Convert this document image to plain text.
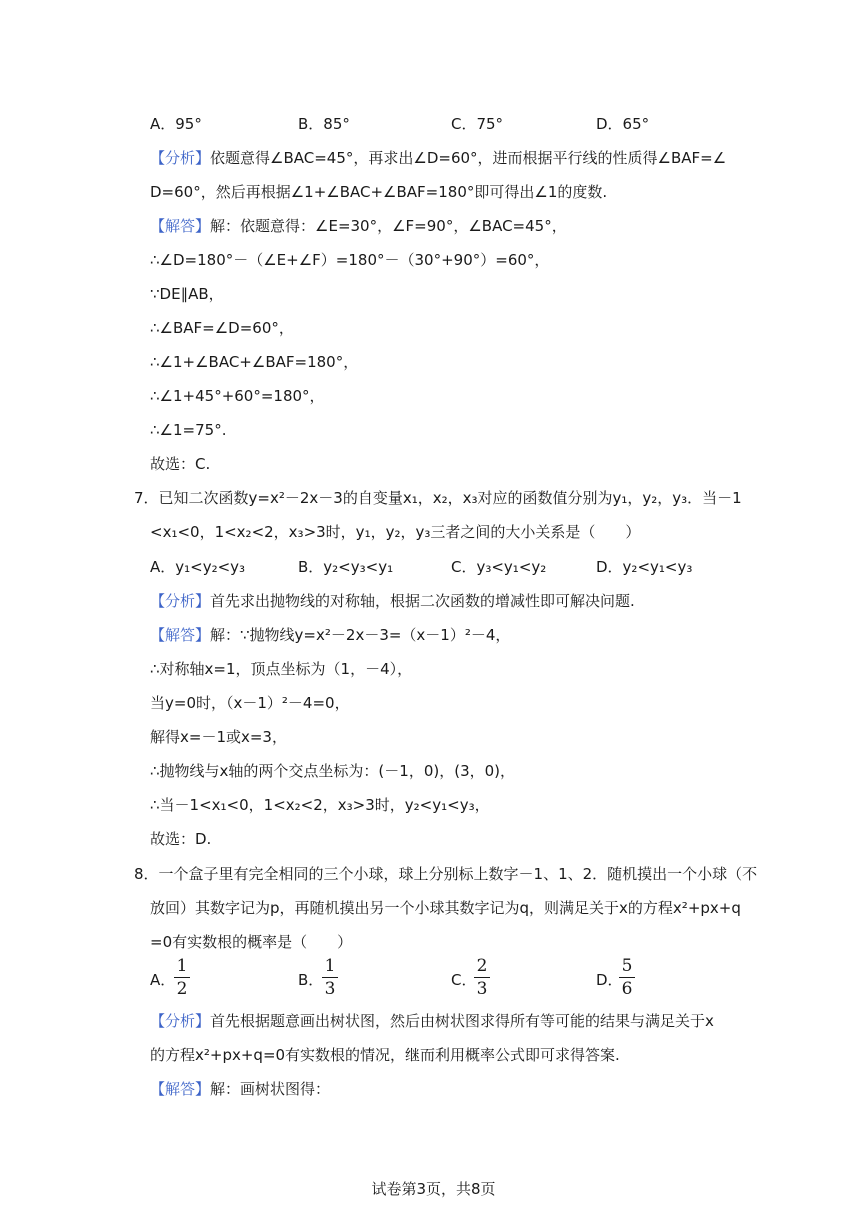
A．95°	B．85°	C．75°	D．65°
【分析】依题意得∠BAC=45°，再求出∠D=60°，进而根据平行线的性质得∠BAF=∠
D=60°，然后再根据∠1+∠BAC+∠BAF=180°即可得出∠1的度数.
【解答】解：依题意得：∠E=30°，∠F=90°，∠BAC=45°，
∴∠D=180°－（∠E+∠F）=180°－（30°+90°）=60°，
∵DE∥AB，
∴∠BAF=∠D=60°，
∴∠1+∠BAC+∠BAF=180°，
∴∠1+45°+60°=180°，
∴∠1=75°.
故选：C.
7．已知二次函数y=x²－2x－3的自变量x₁，x₂，x₃对应的函数值分别为y₁，y₂，y₃．当－1
<x₁<0，1<x₂<2，x₃>3时，y₁，y₂，y₃三者之间的大小关系是（　　）
A．y₁<y₂<y₃	B．y₂<y₃<y₁	C．y₃<y₁<y₂	D．y₂<y₁<y₃
【分析】首先求出抛物线的对称轴，根据二次函数的增减性即可解决问题.
【解答】解：∵抛物线y=x²－2x－3=（x－1）²－4，
∴对称轴x=1，顶点坐标为（1，－4），
当y=0时，（x－1）²－4=0，
解得x=－1或x=3，
∴抛物线与x轴的两个交点坐标为：(－1，0)，(3，0)，
∴当－1<x₁<0，1<x₂<2，x₃>3时，y₂<y₁<y₃，
故选：D.
8．一个盒子里有完全相同的三个小球，球上分别标上数字－1、1、2．随机摸出一个小球（不
放回）其数字记为p，再随机摸出另一个小球其数字记为q，则满足关于x的方程x²+px+q
=0有实数根的概率是（　　）
A．
1
2	B．
1
3	C．
2
3	D．
5
6
【分析】首先根据题意画出树状图，然后由树状图求得所有等可能的结果与满足关于x
的方程x²+px+q=0有实数根的情况，继而利用概率公式即可求得答案.
【解答】解：画树状图得：
试卷第3页，共8页
